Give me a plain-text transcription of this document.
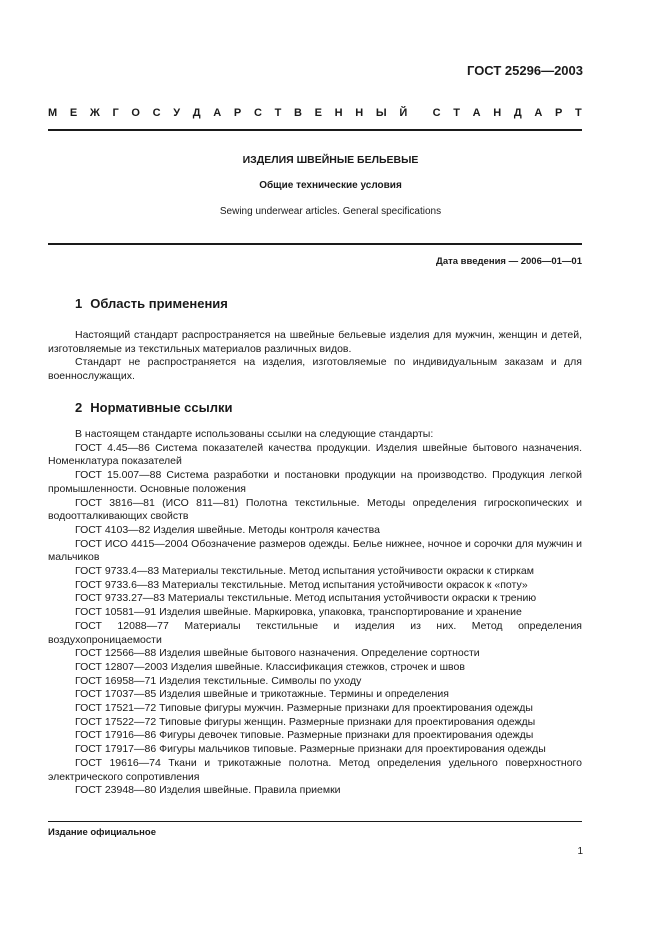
ГОСТ 25296—2003
М Е Ж Г О С У Д А Р С Т В Е Н Н Ы Й С Т А Н Д А Р Т
ИЗДЕЛИЯ ШВЕЙНЫЕ БЕЛЬЕВЫЕ
Общие технические условия
Sewing underwear articles. General specifications
Дата введения — 2006—01—01
1 Область применения

Настоящий стандарт распространяется на швейные бельевые изделия для мужчин, женщин и детей, изготовляемые из текстильных материалов различных видов.

Стандарт не распространяется на изделия, изготовляемые по индивидуальным заказам и для военнослужащих.

2 Нормативные ссылки

В настоящем стандарте использованы ссылки на следующие стандарты:

ГОСТ 4.45—86 Система показателей качества продукции. Изделия швейные бытового назначения. Номенклатура показателей

ГОСТ 15.007—88 Система разработки и постановки продукции на производство. Продукция легкой промышленности. Основные положения

ГОСТ 3816—81 (ИСО 811—81) Полотна текстильные. Методы определения гигроскопических и водоотталкивающих свойств

ГОСТ 4103—82 Изделия швейные. Методы контроля качества

ГОСТ ИСО 4415—2004 Обозначение размеров одежды. Белье нижнее, ночное и сорочки для мужчин и мальчиков

ГОСТ 9733.4—83 Материалы текстильные. Метод испытания устойчивости окраски к стиркам

ГОСТ 9733.6—83 Материалы текстильные. Метод испытания устойчивости окрасок к «поту»

ГОСТ 9733.27—83 Материалы текстильные. Метод испытания устойчивости окраски к трению

ГОСТ 10581—91 Изделия швейные. Маркировка, упаковка, транспортирование и хранение

ГОСТ 12088—77 Материалы текстильные и изделия из них. Метод определения воздухопроницаемости

ГОСТ 12566—88 Изделия швейные бытового назначения. Определение сортности

ГОСТ 12807—2003 Изделия швейные. Классификация стежков, строчек и швов

ГОСТ 16958—71 Изделия текстильные. Символы по уходу

ГОСТ 17037—85 Изделия швейные и трикотажные. Термины и определения

ГОСТ 17521—72 Типовые фигуры мужчин. Размерные признаки для проектирования одежды

ГОСТ 17522—72 Типовые фигуры женщин. Размерные признаки для проектирования одежды

ГОСТ 17916—86 Фигуры девочек типовые. Размерные признаки для проектирования одежды

ГОСТ 17917—86 Фигуры мальчиков типовые. Размерные признаки для проектирования одежды

ГОСТ 19616—74 Ткани и трикотажные полотна. Метод определения удельного поверхностного электрического сопротивления

ГОСТ 23948—80 Изделия швейные. Правила приемки

Издание официальное
1
